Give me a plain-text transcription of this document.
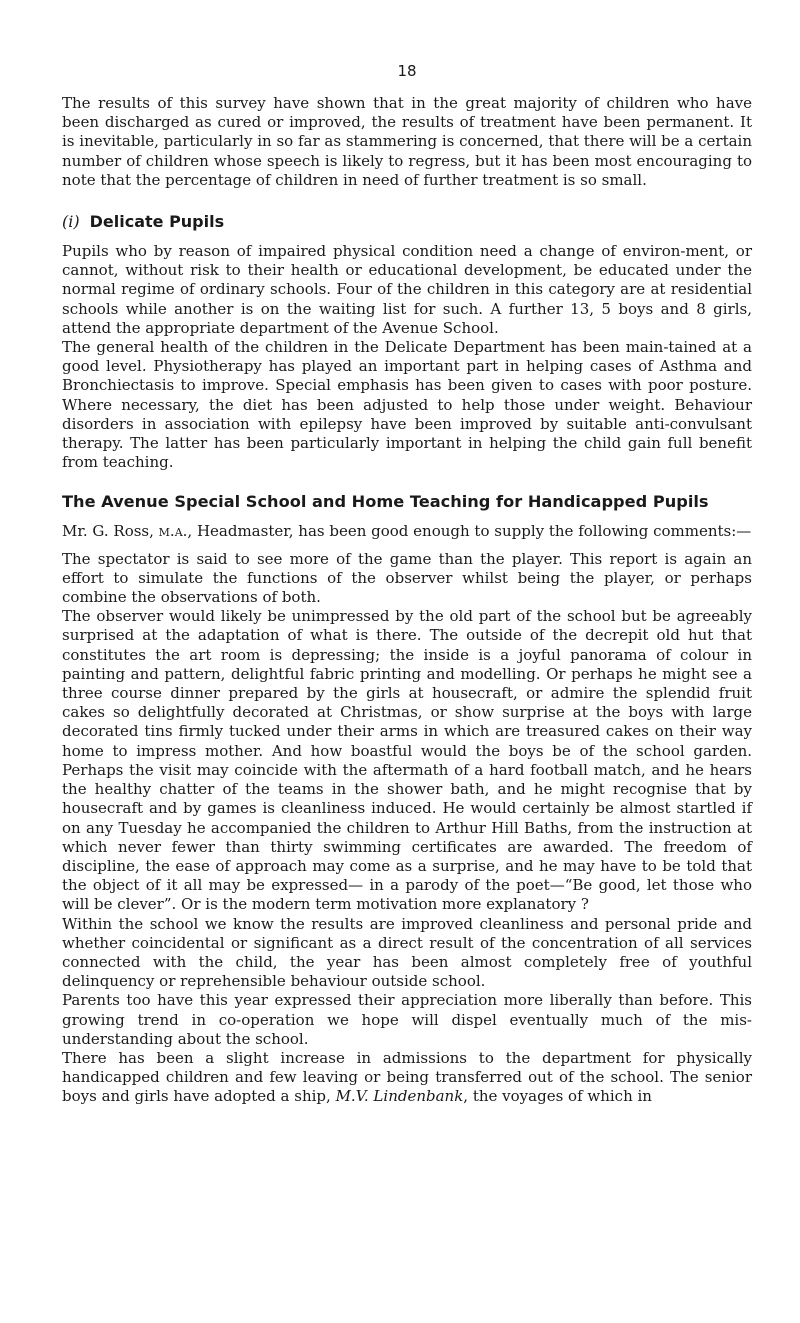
18

The results of this survey have shown that in the great majority of children who have been discharged as cured or improved, the results of treatment have been permanent. It is inevitable, particularly in so far as stammering is concerned, that there will be a certain number of children whose speech is likely to regress, but it has been most encouraging to note that the percentage of children in need of further treatment is so small.

(i) Delicate Pupils

Pupils who by reason of impaired physical condition need a change of environ-ment, or cannot, without risk to their health or educational development, be educated under the normal regime of ordinary schools. Four of the children in this category are at residential schools while another is on the waiting list for such. A further 13, 5 boys and 8 girls, attend the appropriate department of the Avenue School.

The general health of the children in the Delicate Department has been main-tained at a good level. Physiotherapy has played an important part in helping cases of Asthma and Bronchiectasis to improve. Special emphasis has been given to cases with poor posture. Where necessary, the diet has been adjusted to help those under weight. Behaviour disorders in association with epilepsy have been improved by suitable anti-convulsant therapy. The latter has been particularly important in helping the child gain full benefit from teaching.

The Avenue Special School and Home Teaching for Handicapped Pupils

Mr. G. Ross, m.a., Headmaster, has been good enough to supply the following comments:—

The spectator is said to see more of the game than the player. This report is again an effort to simulate the functions of the observer whilst being the player, or perhaps combine the observations of both.

The observer would likely be unimpressed by the old part of the school but be agreeably surprised at the adaptation of what is there. The outside of the decrepit old hut that constitutes the art room is depressing; the inside is a joyful panorama of colour in painting and pattern, delightful fabric printing and modelling. Or perhaps he might see a three course dinner prepared by the girls at housecraft, or admire the splendid fruit cakes so delightfully decorated at Christmas, or show surprise at the boys with large decorated tins firmly tucked under their arms in which are treasured cakes on their way home to impress mother. And how boastful would the boys be of the school garden. Perhaps the visit may coincide with the aftermath of a hard football match, and he hears the healthy chatter of the teams in the shower bath, and he might recognise that by housecraft and by games is cleanliness induced. He would certainly be almost startled if on any Tuesday he accompanied the children to Arthur Hill Baths, from the instruction at which never fewer than thirty swimming certificates are awarded. The freedom of discipline, the ease of approach may come as a surprise, and he may have to be told that the object of it all may be expressed— in a parody of the poet—“Be good, let those who will be clever”. Or is the modern term motivation more explanatory ?

Within the school we know the results are improved cleanliness and personal pride and whether coincidental or significant as a direct result of the concentration of all services connected with the child, the year has been almost completely free of youthful delinquency or reprehensible behaviour outside school.

Parents too have this year expressed their appreciation more liberally than before. This growing trend in co-operation we hope will dispel eventually much of the mis-understanding about the school.

There has been a slight increase in admissions to the department for physically handicapped children and few leaving or being transferred out of the school. The senior boys and girls have adopted a ship, M.V. Lindenbank, the voyages of which in
